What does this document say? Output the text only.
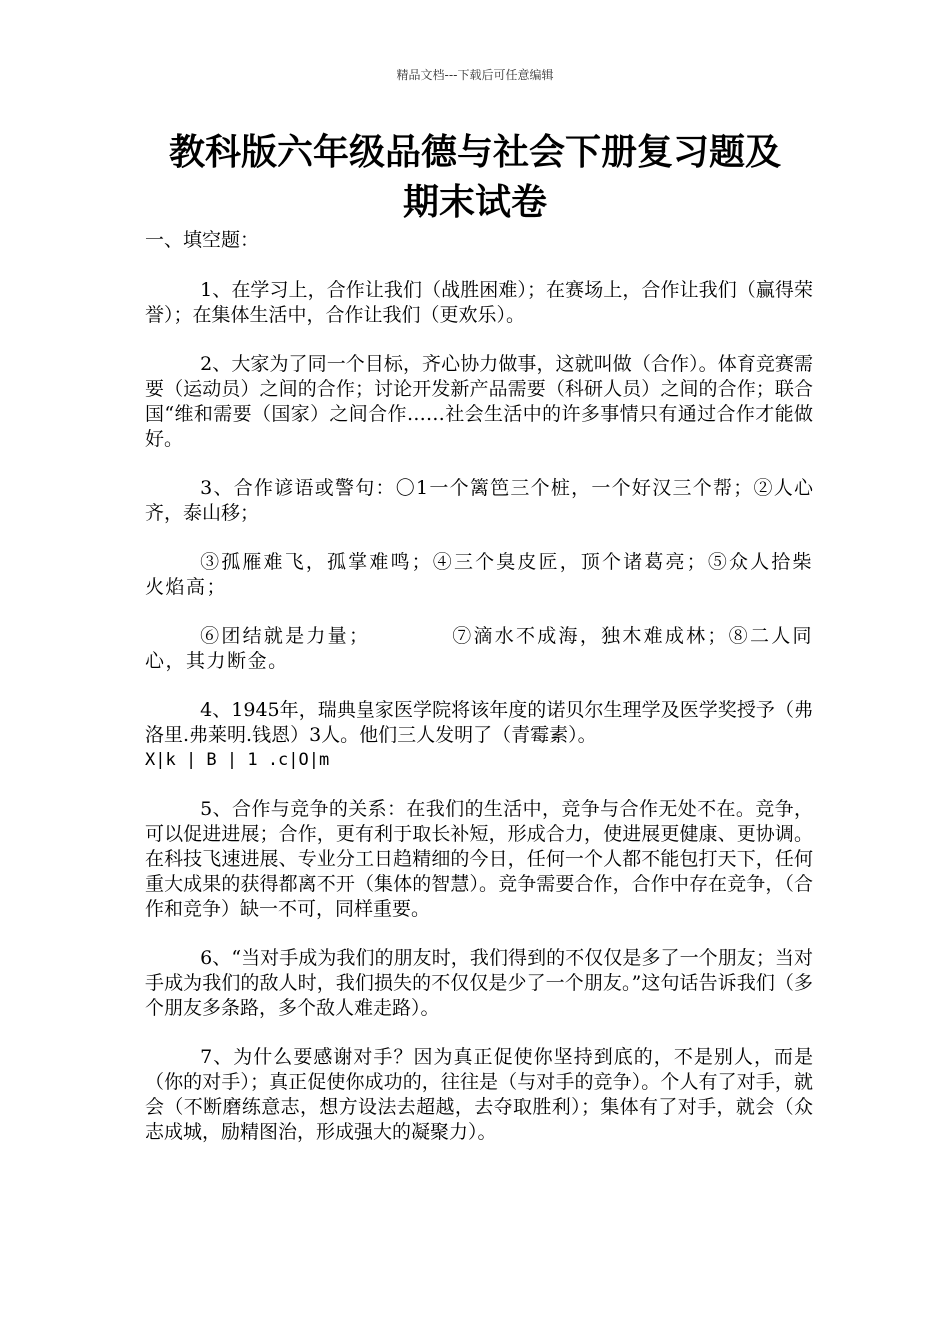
精品文档---下载后可任意编辑
教科版六年级品德与社会下册复习题及
期末试卷

一、填空题：

1、在学习上，合作让我们（战胜困难）；在赛场上，合作让我们（赢得荣誉）；在集体生活中，合作让我们（更欢乐）。

2、大家为了同一个目标，齐心协力做事，这就叫做（合作）。体育竞赛需要（运动员）之间的合作；讨论开发新产品需要（科研人员）之间的合作；联合国“维和需要（国家）之间合作……社会生活中的许多事情只有通过合作才能做好。

3、合作谚语或警句：〇1一个篱笆三个桩，一个好汉三个帮；②人心齐，泰山移；

③孤雁难飞，孤掌难鸣；④三个臭皮匠，顶个诸葛亮；⑤众人拾柴火焰高；

⑥团结就是力量；	⑦滴水不成海，独木难成林；⑧二人同心，其力断金。

4、1945年，瑞典皇家医学院将该年度的诺贝尔生理学及医学奖授予（弗洛里.弗莱明.钱恩）3人。他们三人发明了（青霉素）。

X|k | B | 1 .c|O|m

5、合作与竞争的关系：在我们的生活中，竞争与合作无处不在。竞争，可以促进进展；合作，更有利于取长补短，形成合力，使进展更健康、更协调。在科技飞速进展、专业分工日趋精细的今日，任何一个人都不能包打天下，任何重大成果的获得都离不开（集体的智慧）。竞争需要合作，合作中存在竞争，（合作和竞争）缺一不可，同样重要。

6、“当对手成为我们的朋友时，我们得到的不仅仅是多了一个朋友；当对手成为我们的敌人时，我们损失的不仅仅是少了一个朋友。”这句话告诉我们（多个朋友多条路，多个敌人难走路）。

7、为什么要感谢对手？因为真正促使你坚持到底的，不是别人，而是（你的对手）；真正促使你成功的，往往是（与对手的竞争）。个人有了对手，就会（不断磨练意志，想方设法去超越，去夺取胜利）；集体有了对手，就会（众志成城，励精图治，形成强大的凝聚力）。
